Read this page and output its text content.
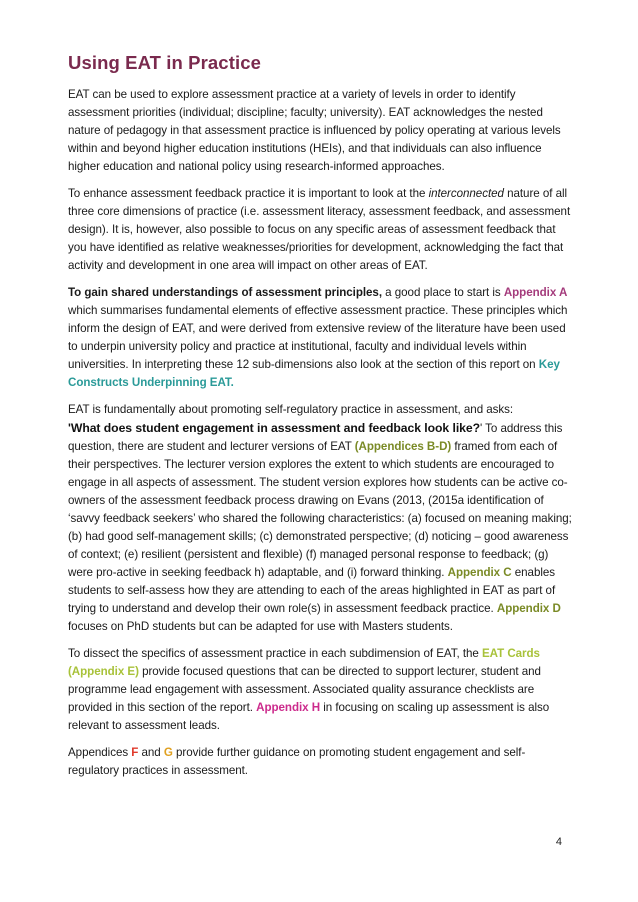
Using EAT in Practice

EAT can be used to explore assessment practice at a variety of levels in order to identify assessment priorities (individual; discipline; faculty; university). EAT acknowledges the nested nature of pedagogy in that assessment practice is influenced by policy operating at various levels within and beyond higher education institutions (HEIs), and that individuals can also influence higher education and national policy using research-informed approaches.

To enhance assessment feedback practice it is important to look at the interconnected nature of all three core dimensions of practice (i.e. assessment literacy, assessment feedback, and assessment design). It is, however, also possible to focus on any specific areas of assessment feedback that you have identified as relative weaknesses/priorities for development, acknowledging the fact that activity and development in one area will impact on other areas of EAT.

To gain shared understandings of assessment principles, a good place to start is Appendix A which summarises fundamental elements of effective assessment practice. These principles which inform the design of EAT, and were derived from extensive review of the literature have been used to underpin university policy and practice at institutional, faculty and individual levels within universities. In interpreting these 12 sub-dimensions also look at the section of this report on Key Constructs Underpinning EAT.

EAT is fundamentally about promoting self-regulatory practice in assessment, and asks:
'What does student engagement in assessment and feedback look like?' To address this question, there are student and lecturer versions of EAT (Appendices B-D) framed from each of their perspectives. The lecturer version explores the extent to which students are encouraged to engage in all aspects of assessment. The student version explores how students can be active co-owners of the assessment feedback process drawing on Evans (2013, (2015a identification of ‘savvy feedback seekers’ who shared the following characteristics: (a) focused on meaning making; (b) had good self-management skills; (c) demonstrated perspective; (d) noticing – good awareness of context; (e) resilient (persistent and flexible) (f) managed personal response to feedback; (g) were pro-active in seeking feedback h) adaptable, and (i) forward thinking. Appendix C enables students to self-assess how they are attending to each of the areas highlighted in EAT as part of trying to understand and develop their own role(s) in assessment feedback practice. Appendix D focuses on PhD students but can be adapted for use with Masters students.

To dissect the specifics of assessment practice in each subdimension of EAT, the EAT Cards (Appendix E) provide focused questions that can be directed to support lecturer, student and programme lead engagement with assessment. Associated quality assurance checklists are provided in this section of the report. Appendix H in focusing on scaling up assessment is also relevant to assessment leads.

Appendices F and G provide further guidance on promoting student engagement and self-regulatory practices in assessment.

4
